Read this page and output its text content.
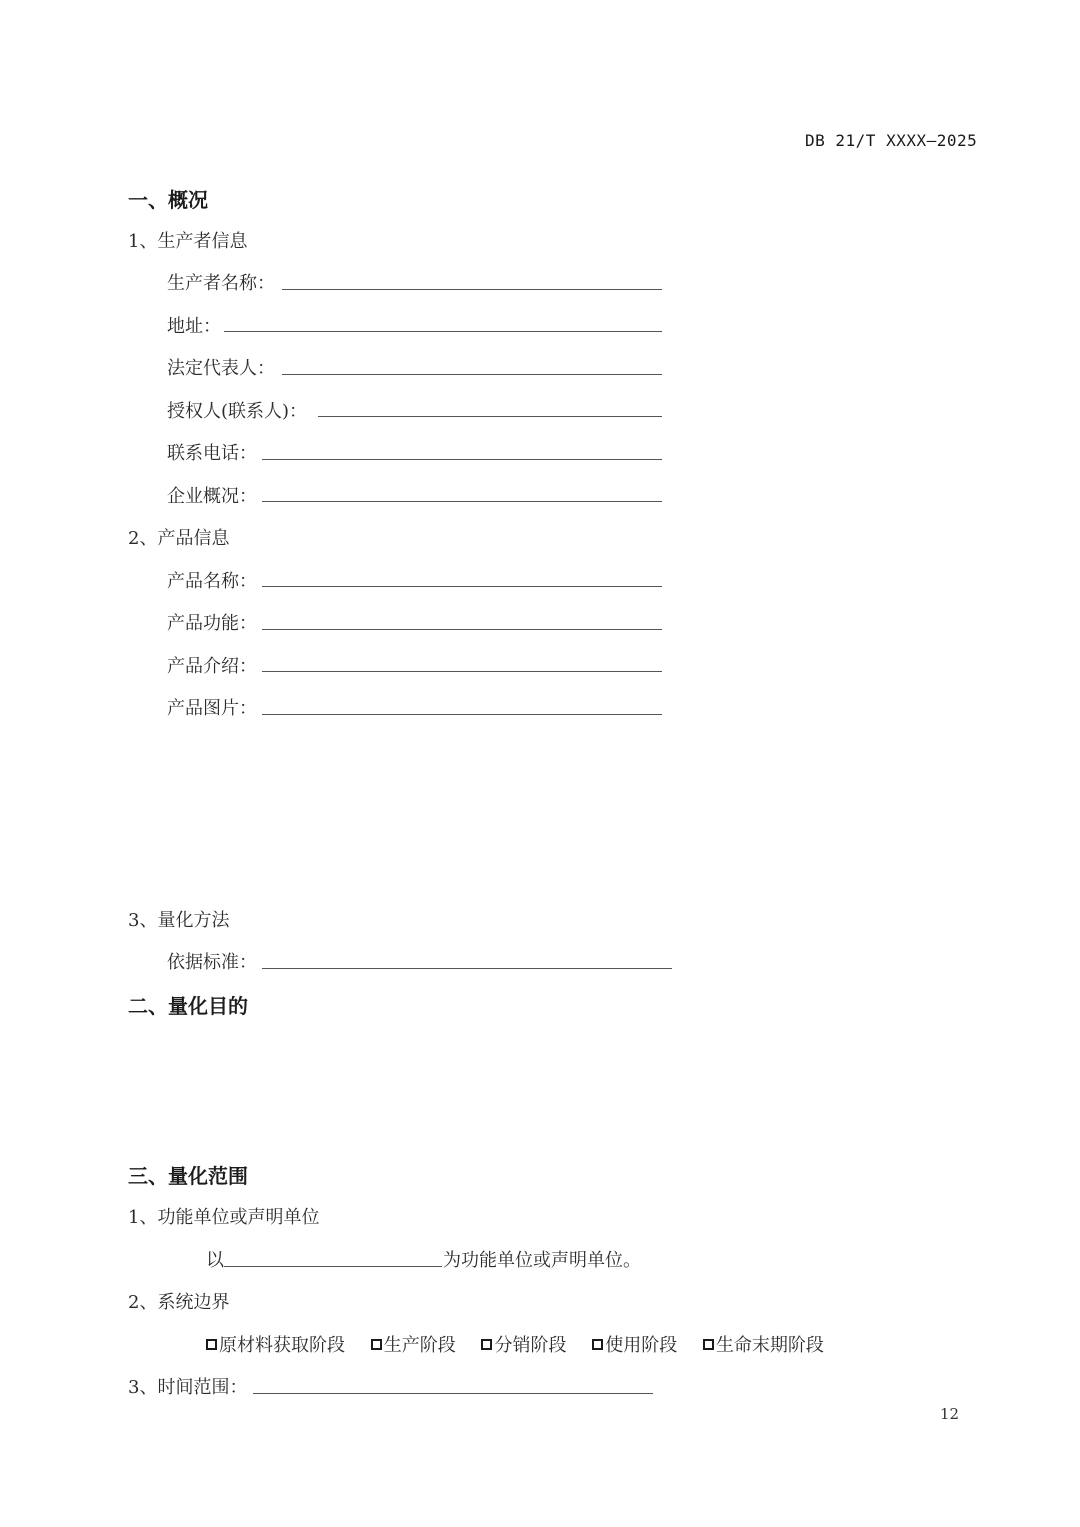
DB 21/T XXXX—2025
一、概况
1、生产者信息
生产者名称：
地址：
法定代表人：
授权人(联系人)：
联系电话：
企业概况：
2、产品信息
产品名称：
产品功能：
产品介绍：
产品图片：
3、量化方法
依据标准：
二、量化目的
三、量化范围
1、功能单位或声明单位
以	为功能单位或声明单位。
2、系统边界
原材料获取阶段
生产阶段
分销阶段
使用阶段
生命末期阶段
3、时间范围：
12
